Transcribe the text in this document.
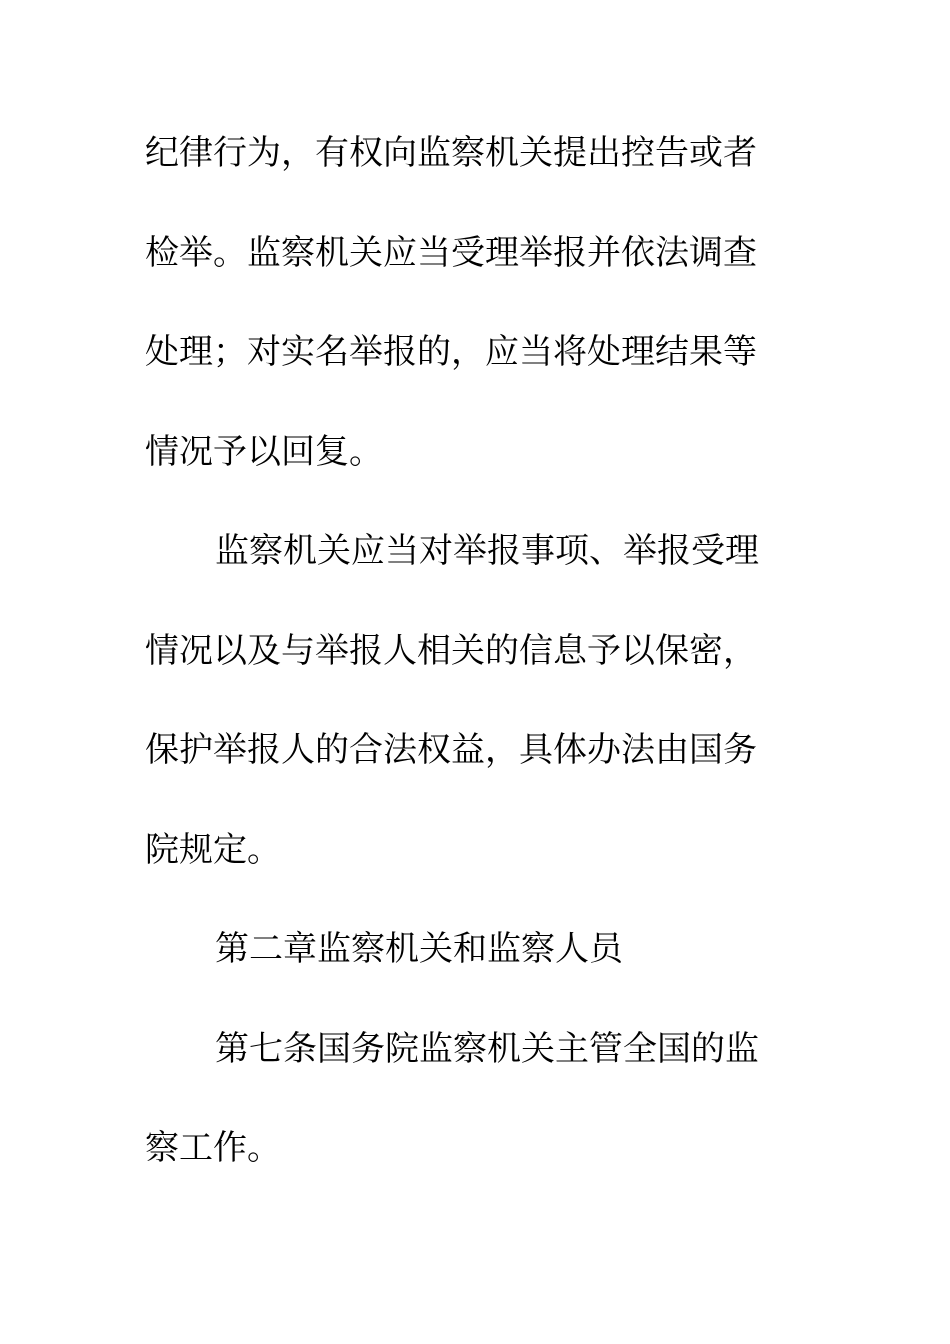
纪律行为，有权向监察机关提出控告或者
检举。监察机关应当受理举报并依法调查
处理；对实名举报的，应当将处理结果等
情况予以回复。
监察机关应当对举报事项、举报受理
情况以及与举报人相关的信息予以保密，
保护举报人的合法权益，具体办法由国务
院规定。
第二章监察机关和监察人员
第七条国务院监察机关主管全国的监
察工作。
